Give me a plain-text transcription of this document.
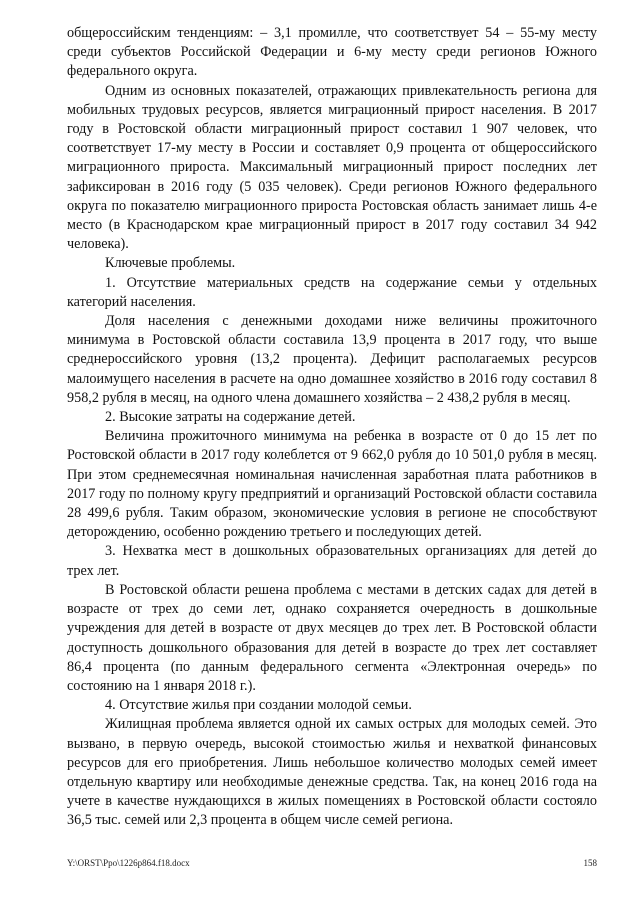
общероссийским тенденциям: – 3,1 промилле, что соответствует 54 – 55-му месту среди субъектов Российской Федерации и 6-му месту среди регионов Южного федерального округа.

Одним из основных показателей, отражающих привлекательность региона для мобильных трудовых ресурсов, является миграционный прирост населения. В 2017 году в Ростовской области миграционный прирост составил 1 907 человек, что соответствует 17-му месту в России и составляет 0,9 процента от общероссийского миграционного прироста. Максимальный миграционный прирост последних лет зафиксирован в 2016 году (5 035 человек). Среди регионов Южного федерального округа по показателю миграционного прироста Ростовская область занимает лишь 4-е место (в Краснодарском крае миграционный прирост в 2017 году составил 34 942 человека).

Ключевые проблемы.

1. Отсутствие материальных средств на содержание семьи у отдельных категорий населения.

Доля населения с денежными доходами ниже величины прожиточного минимума в Ростовской области составила 13,9 процента в 2017 году, что выше среднероссийского уровня (13,2 процента). Дефицит располагаемых ресурсов малоимущего населения в расчете на одно домашнее хозяйство в 2016 году составил 8 958,2 рубля в месяц, на одного члена домашнего хозяйства – 2 438,2 рубля в месяц.

2. Высокие затраты на содержание детей.

Величина прожиточного минимума на ребенка в возрасте от 0 до 15 лет по Ростовской области в 2017 году колеблется от 9 662,0 рубля до 10 501,0 рубля в месяц. При этом среднемесячная номинальная начисленная заработная плата работников в 2017 году по полному кругу предприятий и организаций Ростовской области составила 28 499,6 рубля. Таким образом, экономические условия в регионе не способствуют деторождению, особенно рождению третьего и последующих детей.

3. Нехватка мест в дошкольных образовательных организациях для детей до трех лет.

В Ростовской области решена проблема с местами в детских садах для детей в возрасте от трех до семи лет, однако сохраняется очередность в дошкольные учреждения для детей в возрасте от двух месяцев до трех лет. В Ростовской области доступность дошкольного образования для детей в возрасте до трех лет составляет 86,4 процента (по данным федерального сегмента «Электронная очередь» по состоянию на 1 января 2018 г.).

4. Отсутствие жилья при создании молодой семьи.

Жилищная проблема является одной их самых острых для молодых семей. Это вызвано, в первую очередь, высокой стоимостью жилья и нехваткой финансовых ресурсов для его приобретения. Лишь небольшое количество молодых семей имеет отдельную квартиру или необходимые денежные средства. Так, на конец 2016 года на учете в качестве нуждающихся в жилых помещениях в Ростовской области состояло 36,5 тыс. семей или 2,3 процента в общем числе семей региона.

Y:\ORST\Ppo\1226p864.f18.docx	158
